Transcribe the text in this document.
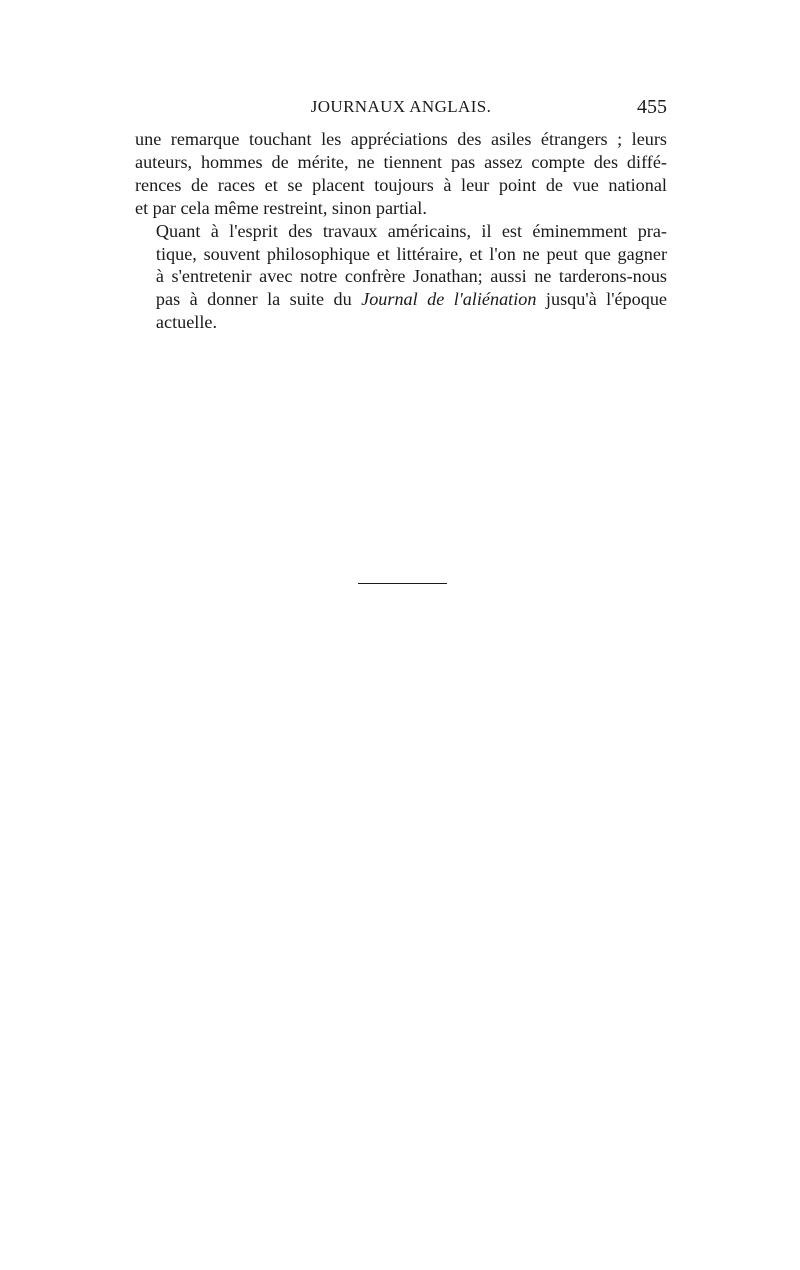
JOURNAUX ANGLAIS.	455

une remarque touchant les appréciations des asiles étrangers ; leurs
auteurs, hommes de mérite, ne tiennent pas assez compte des diffé-
rences de races et se placent toujours à leur point de vue national
et par cela même restreint, sinon partial.

Quant à l'esprit des travaux américains, il est éminemment pra-
tique, souvent philosophique et littéraire, et l'on ne peut que gagner
à s'entretenir avec notre confrère Jonathan; aussi ne tarderons-nous
pas à donner la suite du Journal de l'aliénation jusqu'à l'époque
actuelle.
